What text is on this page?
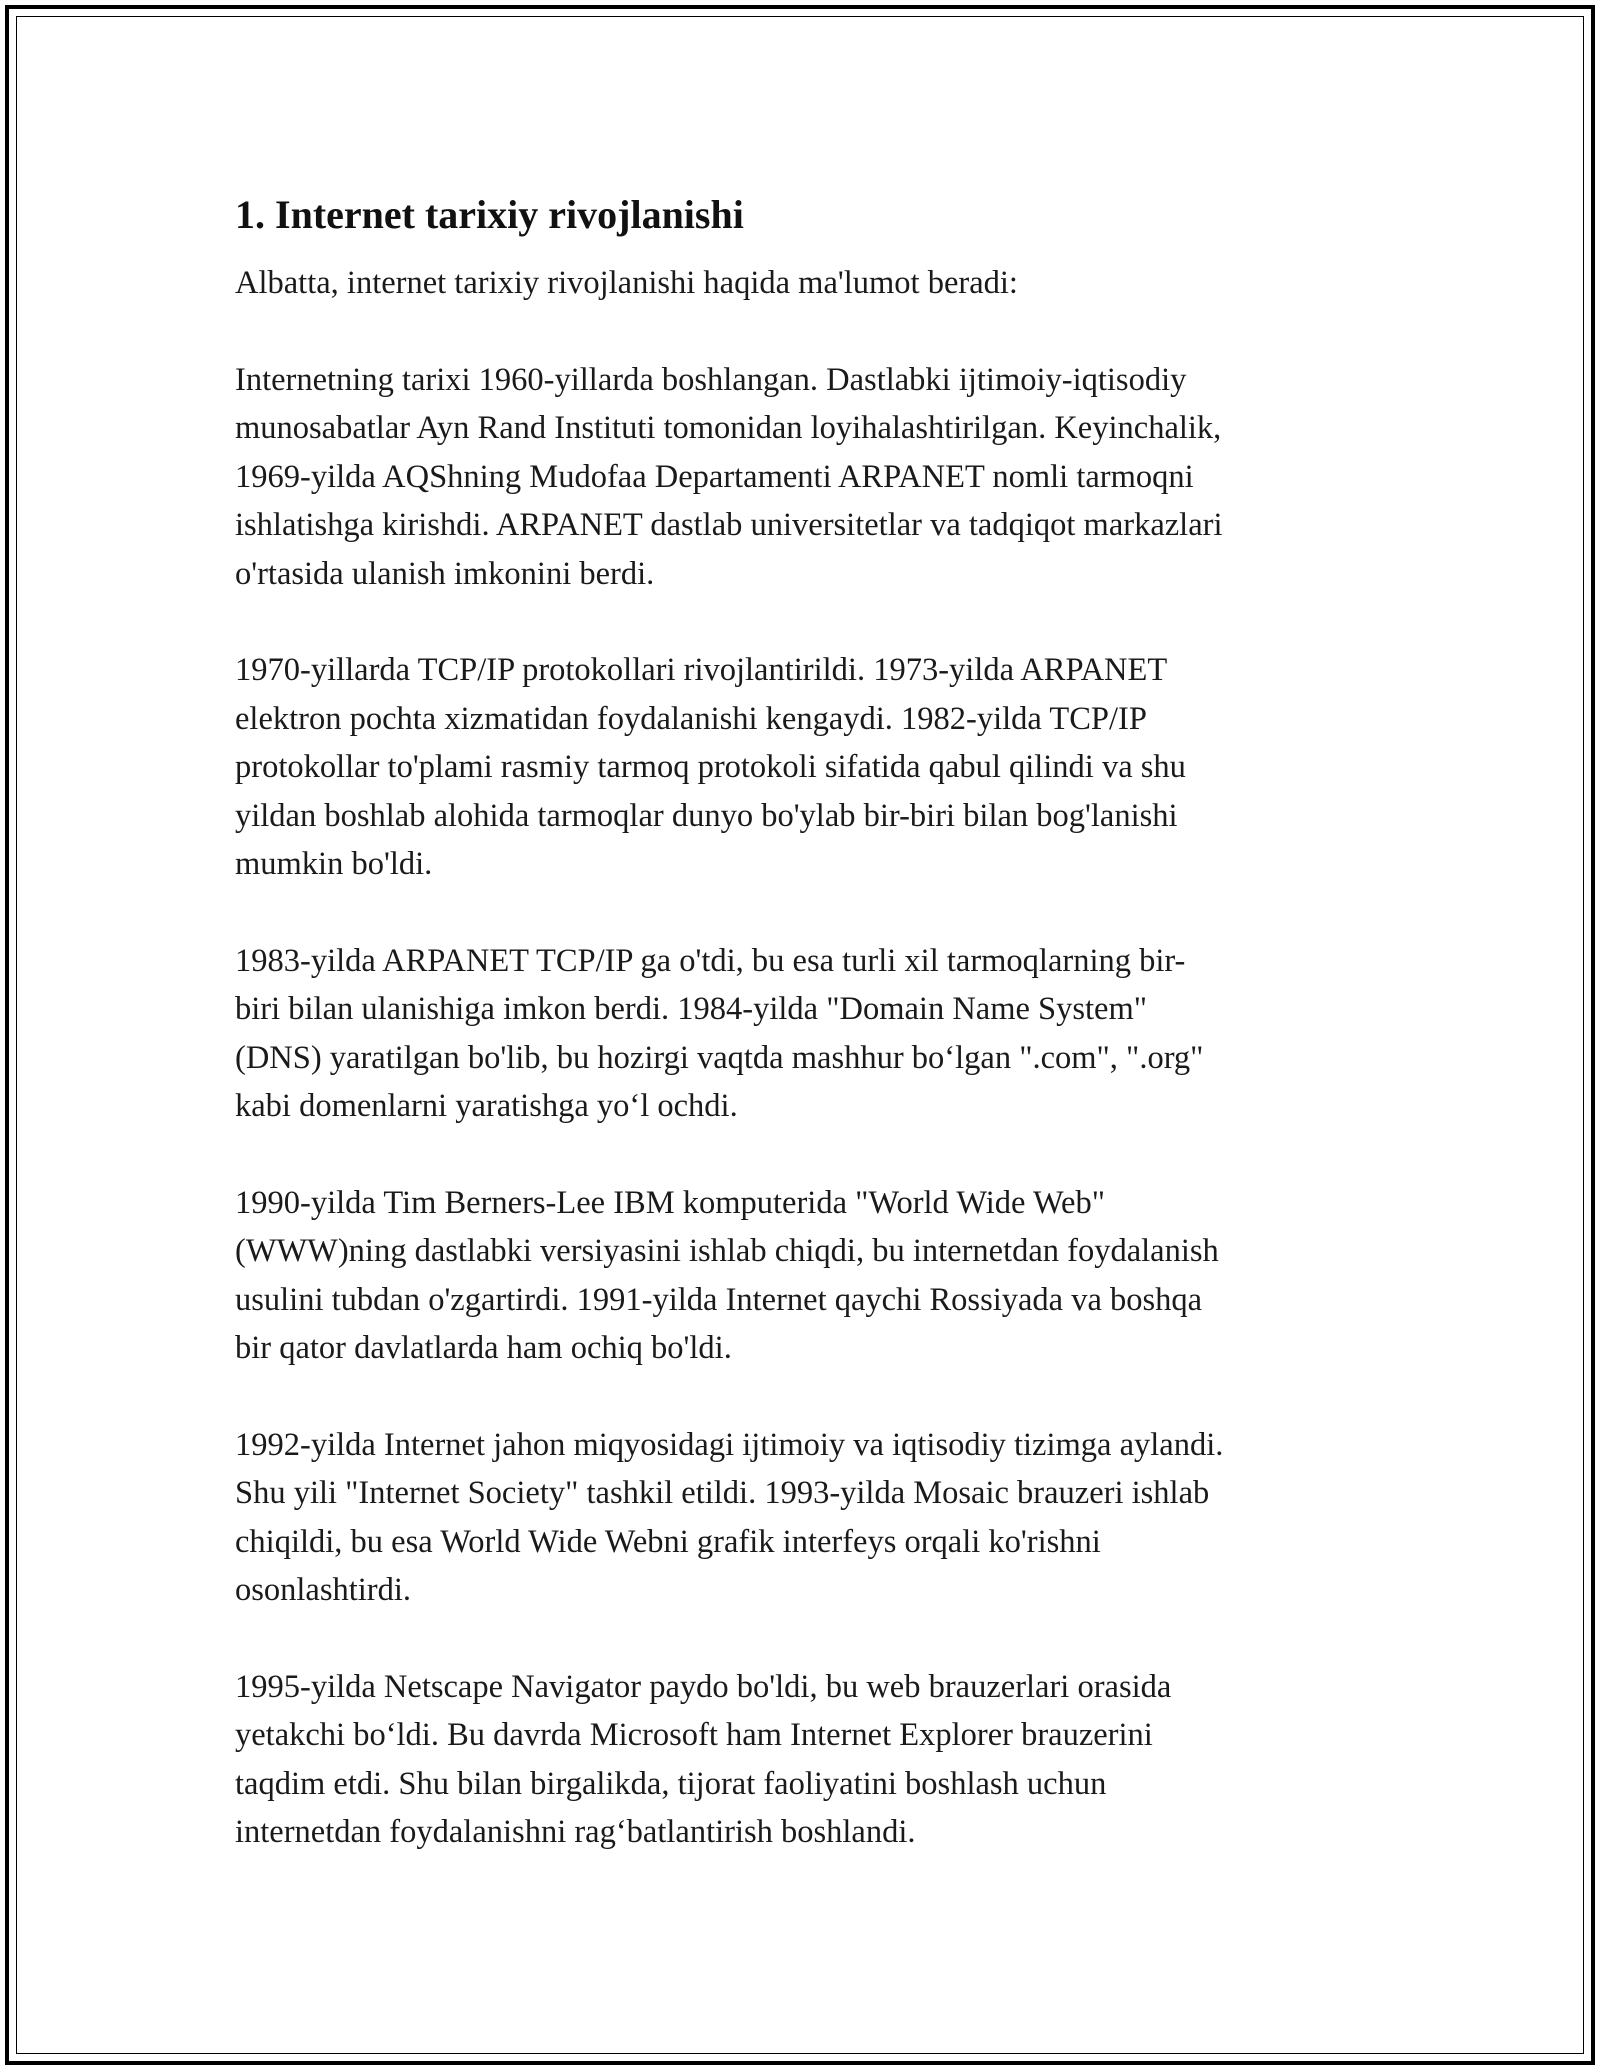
1. Internet tarixiy rivojlanishi

Albatta, internet tarixiy rivojlanishi haqida ma'lumot beradi:

Internetning tarixi 1960-yillarda boshlangan. Dastlabki ijtimoiy-iqtisodiy
munosabatlar Ayn Rand Instituti tomonidan loyihalashtirilgan. Keyinchalik,
1969-yilda AQShning Mudofaa Departamenti ARPANET nomli tarmoqni
ishlatishga kirishdi. ARPANET dastlab universitetlar va tadqiqot markazlari
o'rtasida ulanish imkonini berdi.

1970-yillarda TCP/IP protokollari rivojlantirildi. 1973-yilda ARPANET
elektron pochta xizmatidan foydalanishi kengaydi. 1982-yilda TCP/IP
protokollar to'plami rasmiy tarmoq protokoli sifatida qabul qilindi va shu
yildan boshlab alohida tarmoqlar dunyo bo'ylab bir-biri bilan bog'lanishi
mumkin bo'ldi.

1983-yilda ARPANET TCP/IP ga o'tdi, bu esa turli xil tarmoqlarning bir-
biri bilan ulanishiga imkon berdi. 1984-yilda "Domain Name System"
(DNS) yaratilgan bo'lib, bu hozirgi vaqtda mashhur bo‘lgan ".com", ".org"
kabi domenlarni yaratishga yo‘l ochdi.

1990-yilda Tim Berners-Lee IBM komputerida "World Wide Web"
(WWW)ning dastlabki versiyasini ishlab chiqdi, bu internetdan foydalanish
usulini tubdan o'zgartirdi. 1991-yilda Internet qaychi Rossiyada va boshqa
bir qator davlatlarda ham ochiq bo'ldi.

1992-yilda Internet jahon miqyosidagi ijtimoiy va iqtisodiy tizimga aylandi.
Shu yili "Internet Society" tashkil etildi. 1993-yilda Mosaic brauzeri ishlab
chiqildi, bu esa World Wide Webni grafik interfeys orqali ko'rishni
osonlashtirdi.

1995-yilda Netscape Navigator paydo bo'ldi, bu web brauzerlari orasida
yetakchi bo‘ldi. Bu davrda Microsoft ham Internet Explorer brauzerini
taqdim etdi. Shu bilan birgalikda, tijorat faoliyatini boshlash uchun
internetdan foydalanishni rag‘batlantirish boshlandi.
